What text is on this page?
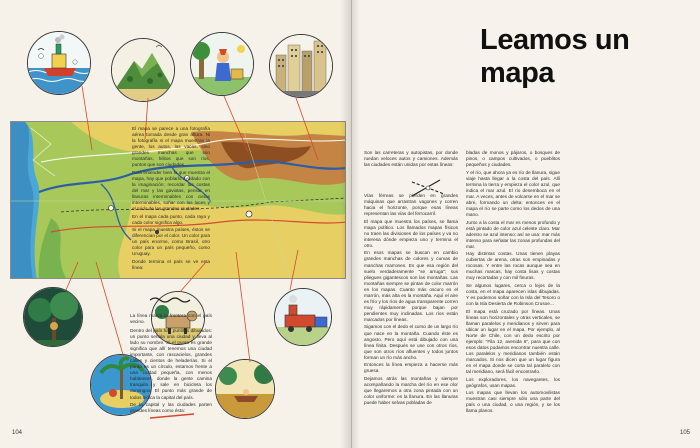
El mapa se parece a una fotografía aérea tomada desde gran altura. Ni la fotografía ni el mapa muestran la gente, los autos, las vacas, sino grandes manchas que son montañas, hilitos que son ríos, puntos que son ciudades.

Para entender bien lo que muestra el mapa, hay que poblarlo ayudado con la imaginación; recordar las costas del mar y las gaviotas, pensar en llanuras interminables con cielos interminables, soñar con las luces y el ruido de las grandes ciudades.

En el mapa cada punto, cada raya y cada color significa algo.

Si el mapa muestra países, éstos se diferencian por el color. Un color para un país enorme, como Brasil, otro color para un país pequeño, como Uruguay.

Donde termina el país se ve esta línea:

La línea marca la frontera con el país vecino.

Dentro del país hay puntitos dibujados: un punto señala una ciudad y lleva al lado su nombre. Si el punto es grande significa que allí tenemos una ciudad importante, con rascacielos, grandes calles y cientos de heladerías. Si el punto es un círculo, estamos frente a una ciudad pequeña, con menos habitantes, donde la gente camina tranquila y sale en bicicleta los domingos. El punto más grande de todos indica la capital del país.

De la capital y las ciudades parten grandes líneas como ésta:

104
Leamos un mapa

Son las carreteras y autopistas, por donde ruedan veloces autos y camiones. Además las ciudades están unidas por estas líneas:

Vías férreas se pierden en grandes máquinas que arrastran vagones y corren hacia el horizonte, porque esas líneas representan las vías del ferrocarril.

El mapa que muestra los países, se llama mapa político. Los llamados mapas físicos no traen las divisiones de los países y va no interesa dónde empieza uno y termina el otro.

En esos mapas se buscan en cambio grandes manchas de colores y curvas de manchas marrones. Es que esa región del suelo verdaderamente "se arruga"; sus pliegues gigantescos son las montañas. Las montañas siempre se pintan de color marrón en los mapas. Cuanto más oscuro es el marrón, más alta es la montaña. Aquí el aire es frío y los ríos de agua transparente corren muy rápidamente porque bajan por pendientes muy inclinadas. Los ríos están marcados por líneas.

Sigamos con el dedo el curso de un largo río que nace en la montaña. Cuando éste es angosto. Pero aquí está dibujado con una línea finita. Después se une con otros ríos, que son otros ríos afluentes y todos juntos forman un río más ancho.

Entonces la línea empieza a hacerse más gruesa.

Dejamos atrás las montañas y siempre acompañando la marcha del río en ese olor que llegaremos a otra zona pintada con un color uniforme: es la llanura. En las llanuras puede haber selvas pobladas de

bladas de monos y pájaros, o bosques de pinos, o campos cultivados, o pueblitos pequeños y ciudades.

Y el río, que ahora ya es río de llanura, sigue viaje hasta llegar a la costa del país. Allí termina la tierra y empieza el color azul, que indica el mar azul. El río desemboca en el mar. A veces, antes de volcarse en el mar se abre, formando un delta: entonces en el mapa el río se parte como los dedos de una mano.

Junto a la costa el mar es menos profundo y está pintado de color azul celeste claro. Mar adentro se azul intenso: así se usa: mar más intenso para señalar las zonas profundas del mar.

Hay distintas costas. Unas tienen playas cubiertas de arena, otras son empinadas y rocosas. Y entre las rocas aunque sea en muchas marcas, hay costa lisas y costas muy recortadas y con mil finuras.

Se algunos lugares, cerca o lejos de la costa, en el mapa aparecen islas dibujadas. Y es podemos soñar con la Isla del Tesoro o con la Isla Desierta de Robinson Crusoe...

El mapa está cruzado por líneas. Unas líneas son horizontales y otras verticales, se llaman paralelos y meridianos y sirven para ubicar un lugar en el mapa. Por ejemplo, al Norte de Chile, con un dedo escrito por ejemplo: "Fila 12, avenida 6", para que con esos datos podamos encontrar nuestra calle. Los paralelos y meridianos también están marcados. Si nos dicen que un lugar figura en el mapa donde se corta tal paralelo con tal meridiano, será fácil encontrarlo.

Los exploradores, los navegantes, los geógrafos, usan mapas.

Los mapas que llevan los automovilistas muestran casi siempre sólo una parte del país o una ciudad, o una región, y se los llama planos.

105
